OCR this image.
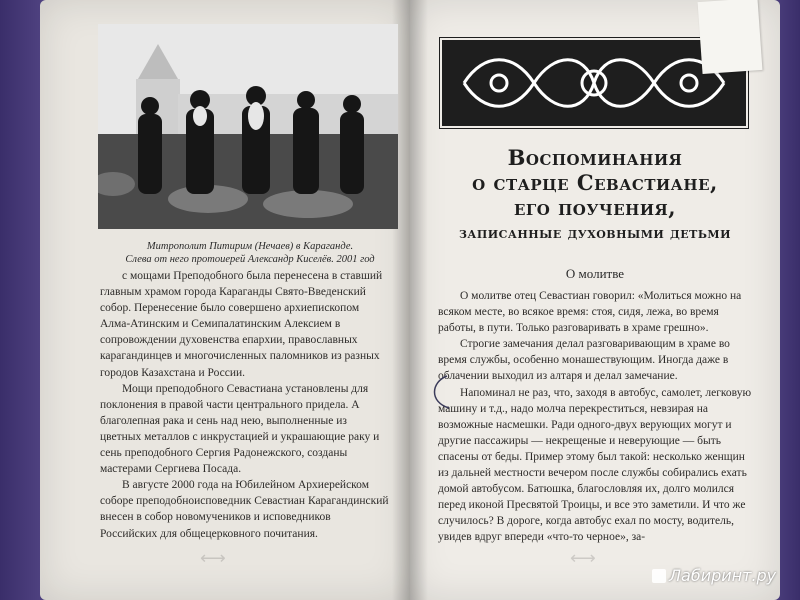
Митрополит Питирим (Нечаев) в Караганде.
Слева от него протоиерей Александр Киселёв. 2001 год

с мощами Преподобного была перенесена в ставший главным храмом города Караганды Свято-Введенский собор. Перенесение было совершено архиепископом Алма-Атинским и Семипалатинским Алексием в сопровождении духовенства епархии, православных карагандинцев и многочисленных паломников из разных городов Казахстана и России.

Мощи преподобного Севастиана установлены для поклонения в правой части центрального придела. А благолепная рака и сень над нею, выполненные из цветных металлов с инкрустацией и украшающие раку и сень преподобного Сергия Радонежского, созданы мастерами Сергиева Посада.

В августе 2000 года на Юбилейном Архиерейском соборе преподобноисповедник Севастиан Карагандинский внесен в собор новомучеников и исповедников Российских для общецерковного почитания.

Воспоминания
о старце Севастиане,
его поучения,
записанные духовными детьми
О молитве

О молитве отец Севастиан говорил: «Молиться можно на всяком месте, во всякое время: стоя, сидя, лежа, во время работы, в пути. Только разговаривать в храме грешно».

Строгие замечания делал разговаривающим в храме во время службы, особенно монашествующим. Иногда даже в облачении выходил из алтаря и делал замечание.

Напоминал не раз, что, заходя в автобус, самолет, легковую машину и т.д., надо молча перекреститься, невзирая на возможные насмешки. Ради одного-двух верующих могут и другие пассажиры — некрещеные и неверующие — быть спасены от беды. Пример этому был такой: несколько женщин из дальней местности вечером после службы собирались ехать домой автобусом. Батюшка, благословляя их, долго молился перед иконой Пресвятой Троицы, и все это заметили. И что же случилось? В дороге, когда автобус ехал по мосту, водитель, увидев вдруг впереди «что-то черное», за-

⟷	⟷
Лабиринт.ру
